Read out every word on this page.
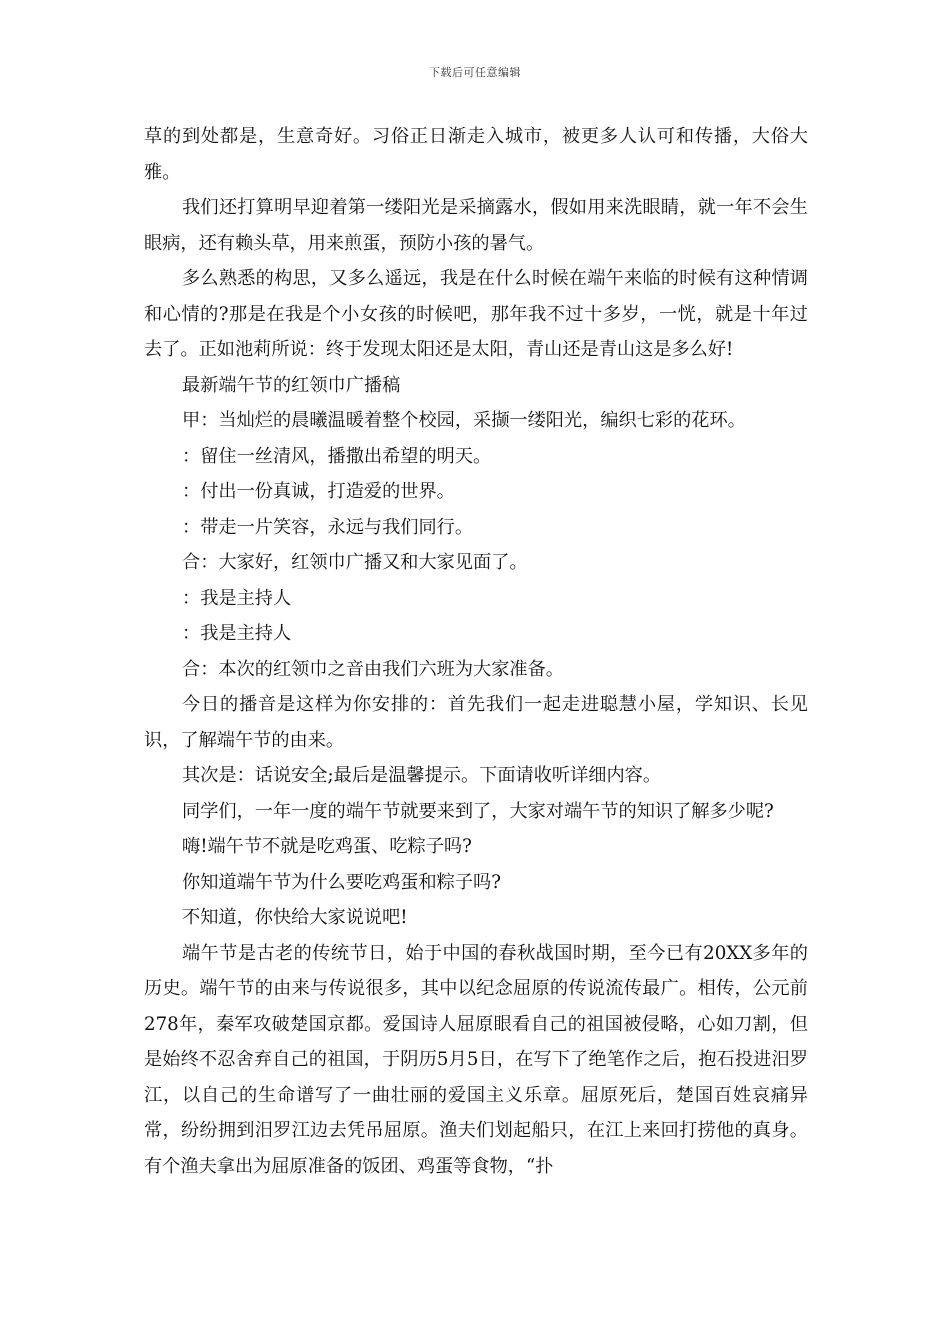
下载后可任意编辑

草的到处都是，生意奇好。习俗正日渐走入城市，被更多人认可和传播，大俗大雅。

我们还打算明早迎着第一缕阳光是采摘露水，假如用来洗眼睛，就一年不会生眼病，还有赖头草，用来煎蛋，预防小孩的暑气。

多么熟悉的构思，又多么遥远，我是在什么时候在端午来临的时候有这种情调和心情的?那是在我是个小女孩的时候吧，那年我不过十多岁，一恍，就是十年过去了。正如池莉所说：终于发现太阳还是太阳，青山还是青山这是多么好!

最新端午节的红领巾广播稿

甲：当灿烂的晨曦温暖着整个校园，采撷一缕阳光，编织七彩的花环。

：留住一丝清风，播撒出希望的明天。

：付出一份真诚，打造爱的世界。

：带走一片笑容，永远与我们同行。

合：大家好，红领巾广播又和大家见面了。

：我是主持人

：我是主持人

合：本次的红领巾之音由我们六班为大家准备。

今日的播音是这样为你安排的：首先我们一起走进聪慧小屋，学知识、长见识，了解端午节的由来。

其次是：话说安全;最后是温馨提示。下面请收听详细内容。

同学们，一年一度的端午节就要来到了，大家对端午节的知识了解多少呢?

嗨!端午节不就是吃鸡蛋、吃粽子吗?

你知道端午节为什么要吃鸡蛋和粽子吗?

不知道，你快给大家说说吧!

端午节是古老的传统节日，始于中国的春秋战国时期，至今已有20XX多年的历史。端午节的由来与传说很多，其中以纪念屈原的传说流传最广。相传，公元前278年，秦军攻破楚国京都。爱国诗人屈原眼看自己的祖国被侵略，心如刀割，但是始终不忍舍弃自己的祖国，于阴历5月5日，在写下了绝笔作之后，抱石投进汨罗江，以自己的生命谱写了一曲壮丽的爱国主义乐章。屈原死后，楚国百姓哀痛异常，纷纷拥到汨罗江边去凭吊屈原。渔夫们划起船只，在江上来回打捞他的真身。有个渔夫拿出为屈原准备的饭团、鸡蛋等食物，“扑
